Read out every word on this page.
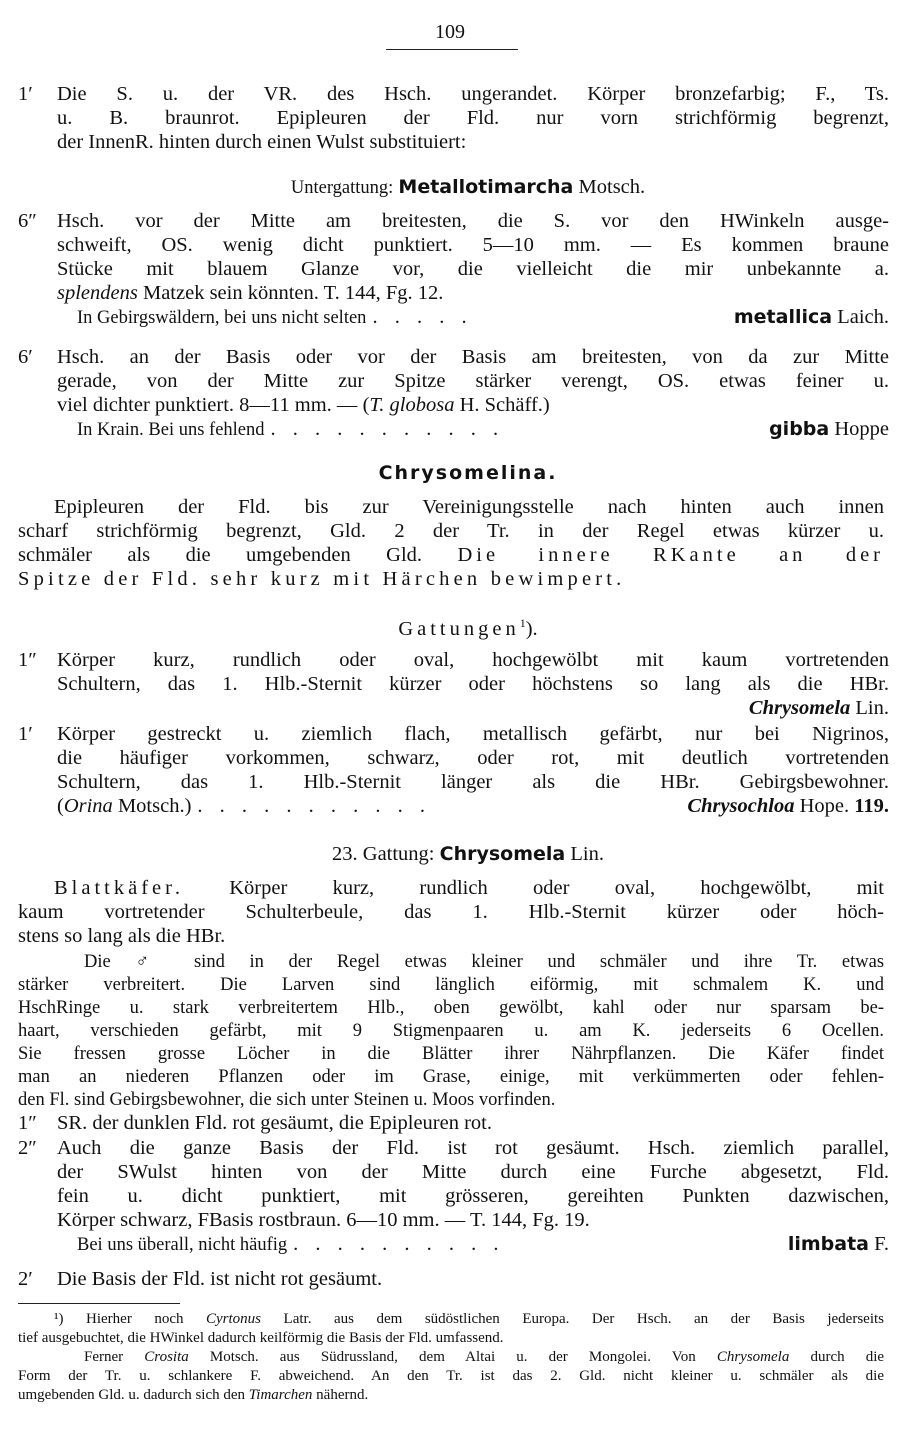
109
1′ Die S. u. der VR. des Hsch. ungerandet. Körper bronzefarbig; F., Ts.
u. B. braunrot. Epipleuren der Fld. nur vorn strichförmig begrenzt,
der InnenR. hinten durch einen Wulst substituiert:
Untergattung: Metallotimarcha Motsch.
6″ Hsch. vor der Mitte am breitesten, die S. vor den HWinkeln ausge-
schweift, OS. wenig dicht punktiert. 5—10 mm. — Es kommen braune
Stücke mit blauem Glanze vor, die vielleicht die mir unbekannte a.
splendens Matzek sein könnten. T. 144, Fg. 12.
In Gebirgswäldern, bei uns nicht selten . . . . .	metallica Laich.
6′ Hsch. an der Basis oder vor der Basis am breitesten, von da zur Mitte
gerade, von der Mitte zur Spitze stärker verengt, OS. etwas feiner u.
viel dichter punktiert. 8—11 mm. — (T. globosa H. Schäff.)
In Krain. Bei uns fehlend . . . . . . . . . . .	gibba Hoppe
Chrysomelina.
Epipleuren der Fld. bis zur Vereinigungsstelle nach hinten auch innen
scharf strichförmig begrenzt, Gld. 2 der Tr. in der Regel etwas kürzer u.
schmäler als die umgebenden Gld. Die innere RKante an der
Spitze der Fld. sehr kurz mit Härchen bewimpert.
Gattungen$^1$).
1″ Körper kurz, rundlich oder oval, hochgewölbt mit kaum vortretenden
Schultern, das 1. Hlb.-Sternit kürzer oder höchstens so lang als die HBr.
Chrysomela Lin.
1′ Körper gestreckt u. ziemlich flach, metallisch gefärbt, nur bei Nigrinos,
die häufiger vorkommen, schwarz, oder rot, mit deutlich vortretenden
Schultern, das 1. Hlb.-Sternit länger als die HBr. Gebirgsbewohner.
(Orina Motsch.) . . . . . . . . . . .	Chrysochloa Hope. 119.
23. Gattung: Chrysomela Lin.
Blattkäfer. Körper kurz, rundlich oder oval, hochgewölbt, mit
kaum vortretender Schulterbeule, das 1. Hlb.-Sternit kürzer oder höch-
stens so lang als die HBr.
Die ♂ sind in der Regel etwas kleiner und schmäler und ihre Tr. etwas
stärker verbreitert. Die Larven sind länglich eiförmig, mit schmalem K. und
HschRinge u. stark verbreitertem Hlb., oben gewölbt, kahl oder nur sparsam be-
haart, verschieden gefärbt, mit 9 Stigmenpaaren u. am K. jederseits 6 Ocellen.
Sie fressen grosse Löcher in die Blätter ihrer Nährpflanzen. Die Käfer findet
man an niederen Pflanzen oder im Grase, einige, mit verkümmerten oder fehlen-
den Fl. sind Gebirgsbewohner, die sich unter Steinen u. Moos vorfinden.
1″ SR. der dunklen Fld. rot gesäumt, die Epipleuren rot.
2″ Auch die ganze Basis der Fld. ist rot gesäumt. Hsch. ziemlich parallel,
der SWulst hinten von der Mitte durch eine Furche abgesetzt, Fld.
fein u. dicht punktiert, mit grösseren, gereihten Punkten dazwischen,
Körper schwarz, FBasis rostbraun. 6—10 mm. — T. 144, Fg. 19.
Bei uns überall, nicht häufig . . . . . . . . . .	limbata F.
2′ Die Basis der Fld. ist nicht rot gesäumt.
¹) Hierher noch Cyrtonus Latr. aus dem südöstlichen Europa. Der Hsch. an der Basis jederseits
tief ausgebuchtet, die HWinkel dadurch keilförmig die Basis der Fld. umfassend.
Ferner Crosita Motsch. aus Südrussland, dem Altai u. der Mongolei. Von Chrysomela durch die
Form der Tr. u. schlankere F. abweichend. An den Tr. ist das 2. Gld. nicht kleiner u. schmäler als die
umgebenden Gld. u. dadurch sich den Timarchen nähernd.
